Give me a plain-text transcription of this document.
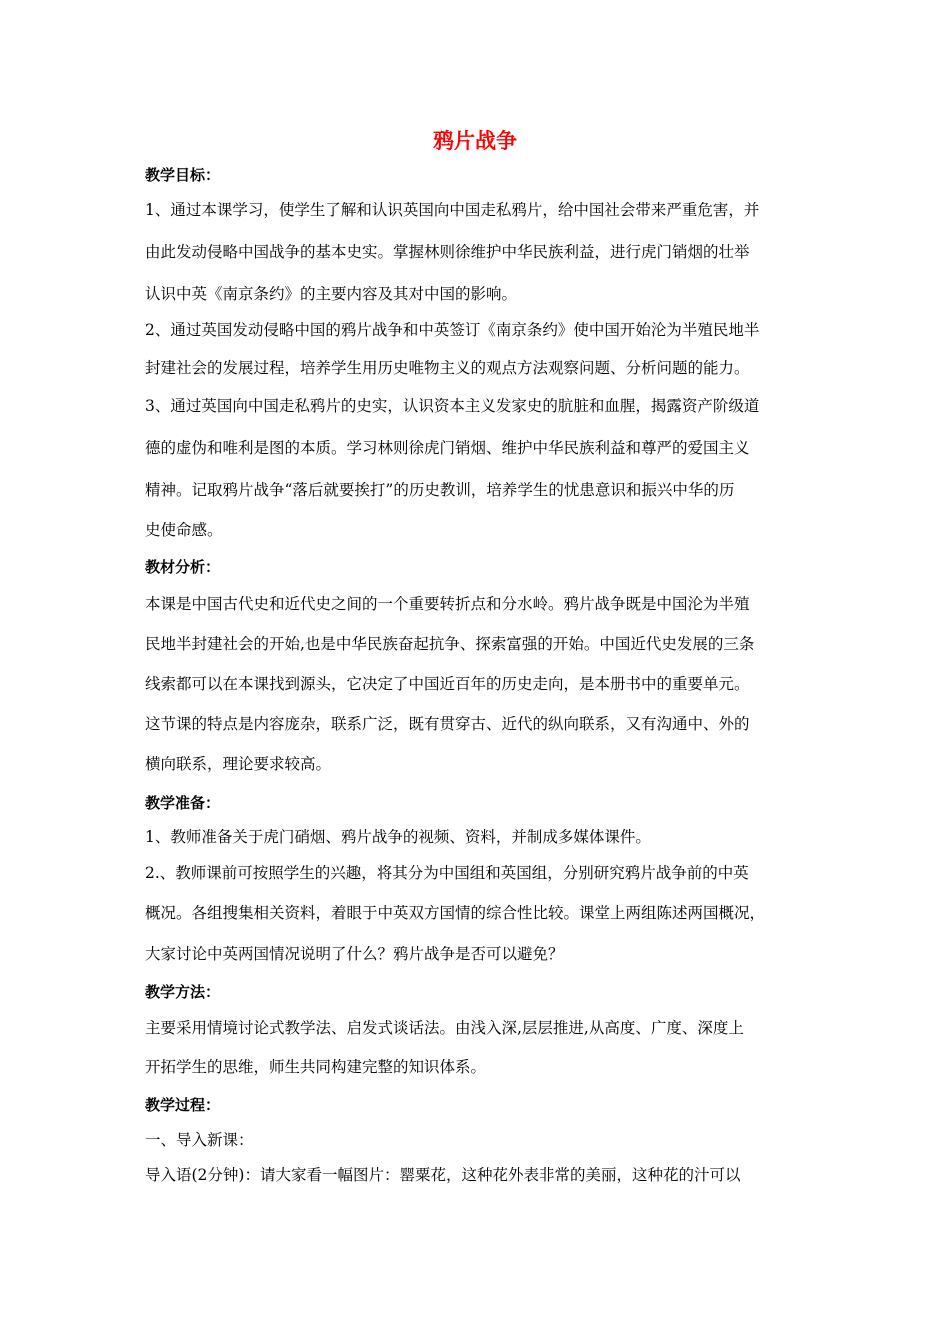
鸦片战争
教学目标：
1、通过本课学习，使学生了解和认识英国向中国走私鸦片，给中国社会带来严重危害，并
由此发动侵略中国战争的基本史实。掌握林则徐维护中华民族利益，进行虎门销烟的壮举
认识中英《南京条约》的主要内容及其对中国的影响。
2、通过英国发动侵略中国的鸦片战争和中英签订《南京条约》使中国开始沦为半殖民地半
封建社会的发展过程，培养学生用历史唯物主义的观点方法观察问题、分析问题的能力。
3、通过英国向中国走私鸦片的史实，认识资本主义发家史的肮脏和血腥，揭露资产阶级道
德的虚伪和唯利是图的本质。学习林则徐虎门销烟、维护中华民族利益和尊严的爱国主义
精神。记取鸦片战争“落后就要挨打”的历史教训，培养学生的忧患意识和振兴中华的历
史使命感。
教材分析：
本课是中国古代史和近代史之间的一个重要转折点和分水岭。鸦片战争既是中国沦为半殖
民地半封建社会的开始,也是中华民族奋起抗争、探索富强的开始。中国近代史发展的三条
线索都可以在本课找到源头，它决定了中国近百年的历史走向，是本册书中的重要单元。
这节课的特点是内容庞杂，联系广泛，既有贯穿古、近代的纵向联系，又有沟通中、外的
横向联系，理论要求较高。
教学准备：
1、教师准备关于虎门硝烟、鸦片战争的视频、资料，并制成多媒体课件。
2.、教师课前可按照学生的兴趣，将其分为中国组和英国组，分别研究鸦片战争前的中英
概况。各组搜集相关资料，着眼于中英双方国情的综合性比较。课堂上两组陈述两国概况，
大家讨论中英两国情况说明了什么？鸦片战争是否可以避免？
教学方法：
主要采用情境讨论式教学法、启发式谈话法。由浅入深,层层推进,从高度、广度、深度上
开拓学生的思维，师生共同构建完整的知识体系。
教学过程：
一、导入新课：
导入语(2分钟)：请大家看一幅图片：罂粟花，这种花外表非常的美丽，这种花的汁可以
